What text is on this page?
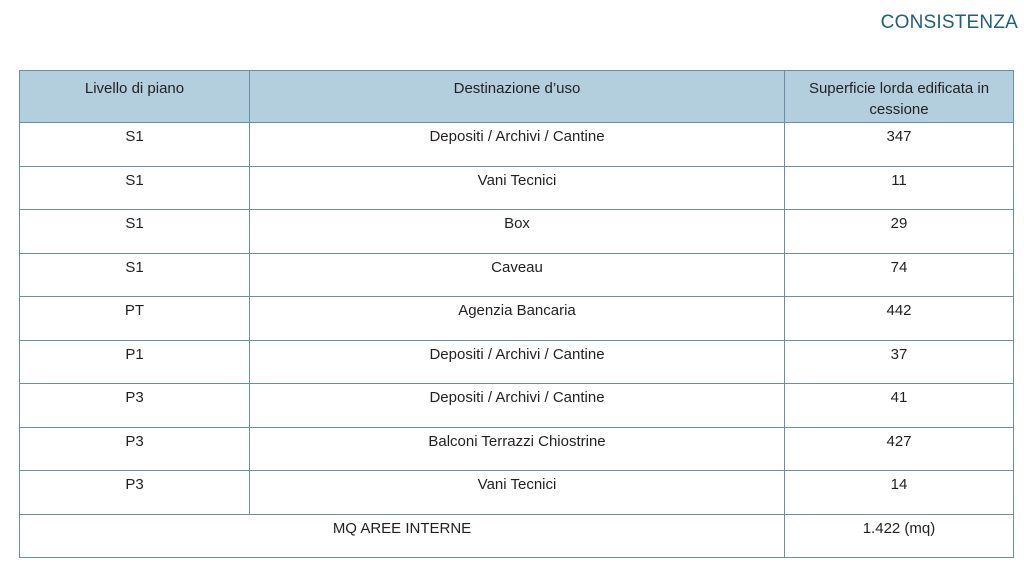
CONSISTENZA
Livello di piano	Destinazione d’uso	Superficie lorda edificata in cessione
S1	Depositi / Archivi / Cantine	347
S1	Vani Tecnici	11
S1	Box	29
S1	Caveau	74
PT	Agenzia Bancaria	442
P1	Depositi / Archivi / Cantine	37
P3	Depositi / Archivi / Cantine	41
P3	Balconi Terrazzi Chiostrine	427
P3	Vani Tecnici	14
MQ AREE INTERNE		1.422 (mq)
